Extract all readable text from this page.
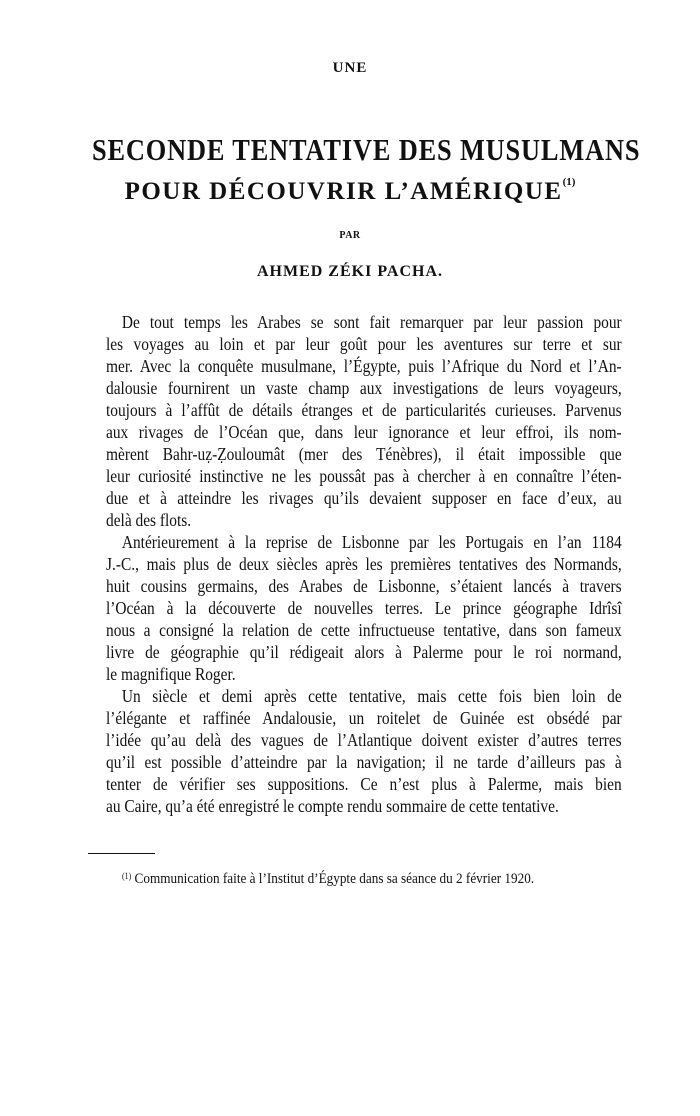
UNE
SECONDE TENTATIVE DES MUSULMANS
POUR DÉCOUVRIR L’AMÉRIQUE$^{(1)}$
PAR
AHMED ZÉKI PACHA.
De tout temps les Arabes se sont fait remarquer par leur passion pour
les voyages au loin et par leur goût pour les aventures sur terre et sur
mer. Avec la conquête musulmane, l’Égypte, puis l’Afrique du Nord et l’An-
dalousie fournirent un vaste champ aux investigations de leurs voyageurs,
toujours à l’affût de détails étranges et de particularités curieuses. Parvenus
aux rivages de l’Océan que, dans leur ignorance et leur effroi, ils nom-
mèrent Bahr-uẓ-Ẓouloumât (mer des Ténèbres), il était impossible que
leur curiosité instinctive ne les poussât pas à chercher à en connaître l’éten-
due et à atteindre les rivages qu’ils devaient supposer en face d’eux, au
delà des flots.
Antérieurement à la reprise de Lisbonne par les Portugais en l’an 1184
J.-C., mais plus de deux siècles après les premières tentatives des Normands,
huit cousins germains, des Arabes de Lisbonne, s’étaient lancés à travers
l’Océan à la découverte de nouvelles terres. Le prince géographe Idrîsî
nous a consigné la relation de cette infructueuse tentative, dans son fameux
livre de géographie qu’il rédigeait alors à Palerme pour le roi normand,
le magnifique Roger.
Un siècle et demi après cette tentative, mais cette fois bien loin de
l’élégante et raffinée Andalousie, un roitelet de Guinée est obsédé par
l’idée qu’au delà des vagues de l’Atlantique doivent exister d’autres terres
qu’il est possible d’atteindre par la navigation; il ne tarde d’ailleurs pas à
tenter de vérifier ses suppositions. Ce n’est plus à Palerme, mais bien
au Caire, qu’a été enregistré le compte rendu sommaire de cette tentative.
$^{(1)}$ Communication faite à l’Institut d’Égypte dans sa séance du 2 février 1920.
